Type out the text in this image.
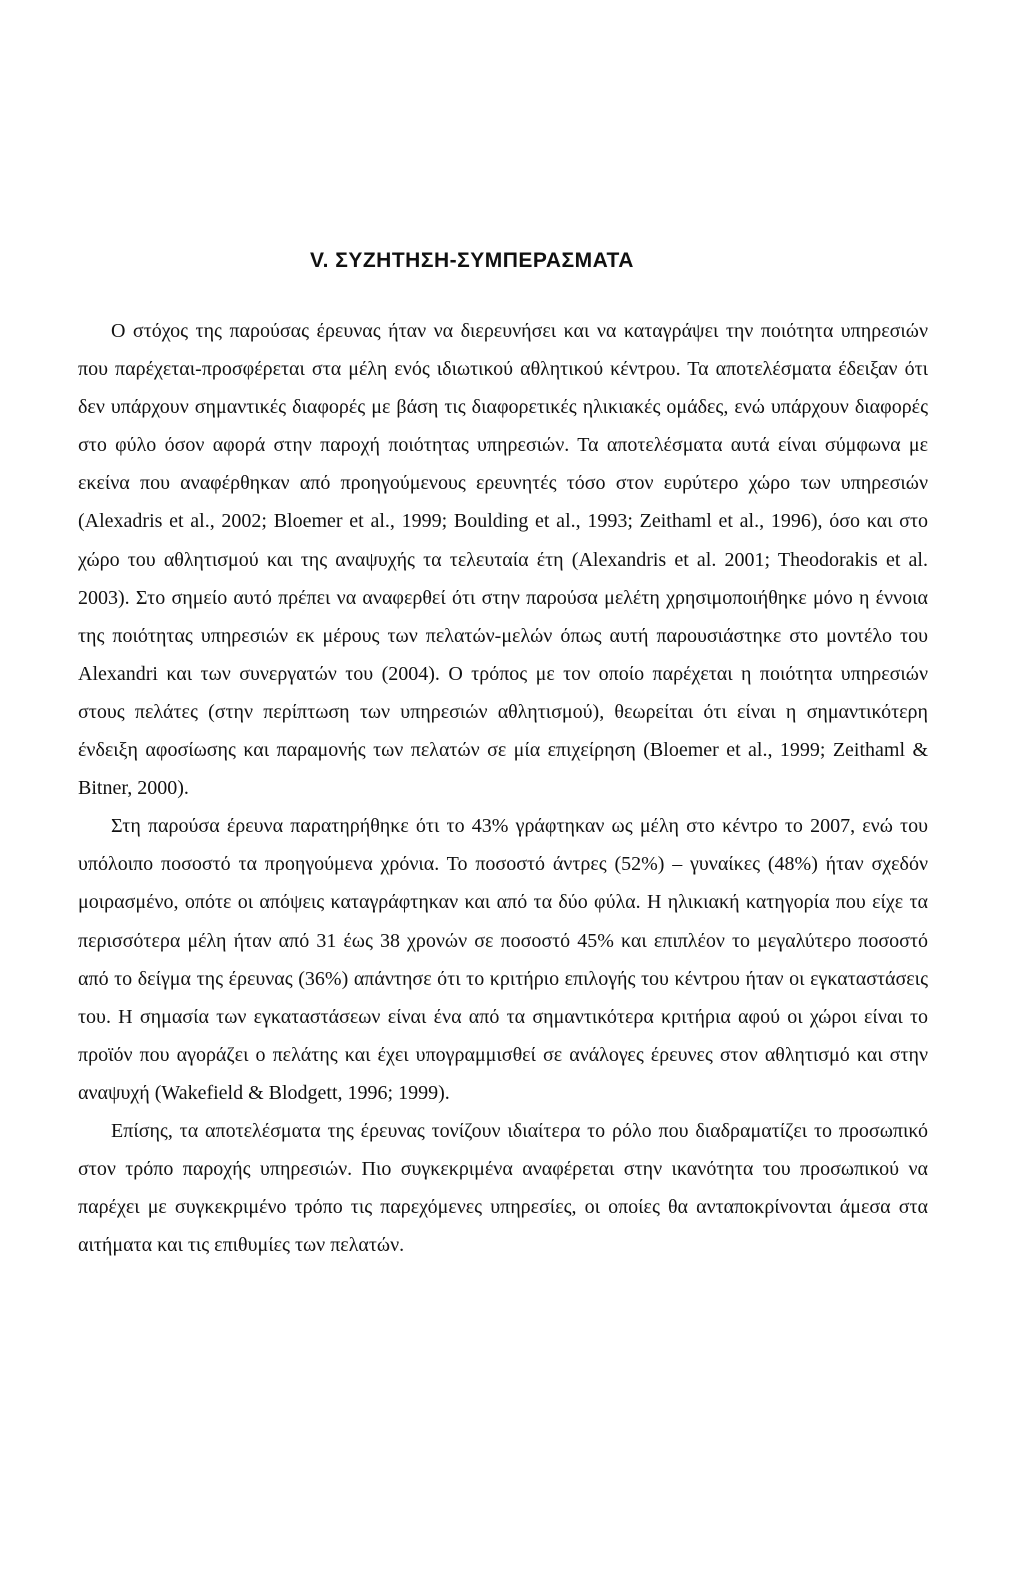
V. ΣΥΖΗΤΗΣΗ-ΣΥΜΠΕΡΑΣΜΑΤΑ

Ο στόχος της παρούσας έρευνας ήταν να διερευνήσει και να καταγράψει την ποιότητα υπηρεσιών που παρέχεται-προσφέρεται στα μέλη ενός ιδιωτικού αθλητικού κέντρου. Τα αποτελέσματα έδειξαν ότι δεν υπάρχουν σημαντικές διαφορές με βάση τις διαφορετικές ηλικιακές ομάδες, ενώ υπάρχουν διαφορές στο φύλο όσον αφορά στην παροχή ποιότητας υπηρεσιών. Τα αποτελέσματα αυτά είναι σύμφωνα με εκείνα που αναφέρθηκαν από προηγούμενους ερευνητές τόσο στον ευρύτερο χώρο των υπηρεσιών (Alexadris et al., 2002; Bloemer et al., 1999; Boulding et al., 1993; Zeithaml et al., 1996), όσο και στο χώρο του αθλητισμού και της αναψυχής τα τελευταία έτη (Alexandris et al. 2001; Theodorakis et al. 2003). Στο σημείο αυτό πρέπει να αναφερθεί ότι στην παρούσα μελέτη χρησιμοποιήθηκε μόνο η έννοια της ποιότητας υπηρεσιών εκ μέρους των πελατών-μελών όπως αυτή παρουσιάστηκε στο μοντέλο του Alexandri και των συνεργατών του (2004). Ο τρόπος με τον οποίο παρέχεται η ποιότητα υπηρεσιών στους πελάτες (στην περίπτωση των υπηρεσιών αθλητισμού), θεωρείται ότι είναι η σημαντικότερη ένδειξη αφοσίωσης και παραμονής των πελατών σε μία επιχείρηση (Bloemer et al., 1999; Zeithaml & Bitner, 2000).

Στη παρούσα έρευνα παρατηρήθηκε ότι το 43% γράφτηκαν ως μέλη στο κέντρο το 2007, ενώ του υπόλοιπο ποσοστό τα προηγούμενα χρόνια. Το ποσοστό άντρες (52%) – γυναίκες (48%) ήταν σχεδόν μοιρασμένο, οπότε οι απόψεις καταγράφτηκαν και από τα δύο φύλα. Η ηλικιακή κατηγορία που είχε τα περισσότερα μέλη ήταν από 31 έως 38 χρονών σε ποσοστό 45% και επιπλέον το μεγαλύτερο ποσοστό από το δείγμα της έρευνας (36%) απάντησε ότι το κριτήριο επιλογής του κέντρου ήταν οι εγκαταστάσεις του. Η σημασία των εγκαταστάσεων είναι ένα από τα σημαντικότερα κριτήρια αφού οι χώροι είναι το προϊόν που αγοράζει ο πελάτης και έχει υπογραμμισθεί σε ανάλογες έρευνες στον αθλητισμό και στην αναψυχή (Wakefield & Blodgett, 1996; 1999).

Επίσης, τα αποτελέσματα της έρευνας τονίζουν ιδιαίτερα το ρόλο που διαδραματίζει το προσωπικό στον τρόπο παροχής υπηρεσιών. Πιο συγκεκριμένα αναφέρεται στην ικανότητα του προσωπικού να παρέχει με συγκεκριμένο τρόπο τις παρεχόμενες υπηρεσίες, οι οποίες θα ανταποκρίνονται άμεσα στα αιτήματα και τις επιθυμίες των πελατών.
